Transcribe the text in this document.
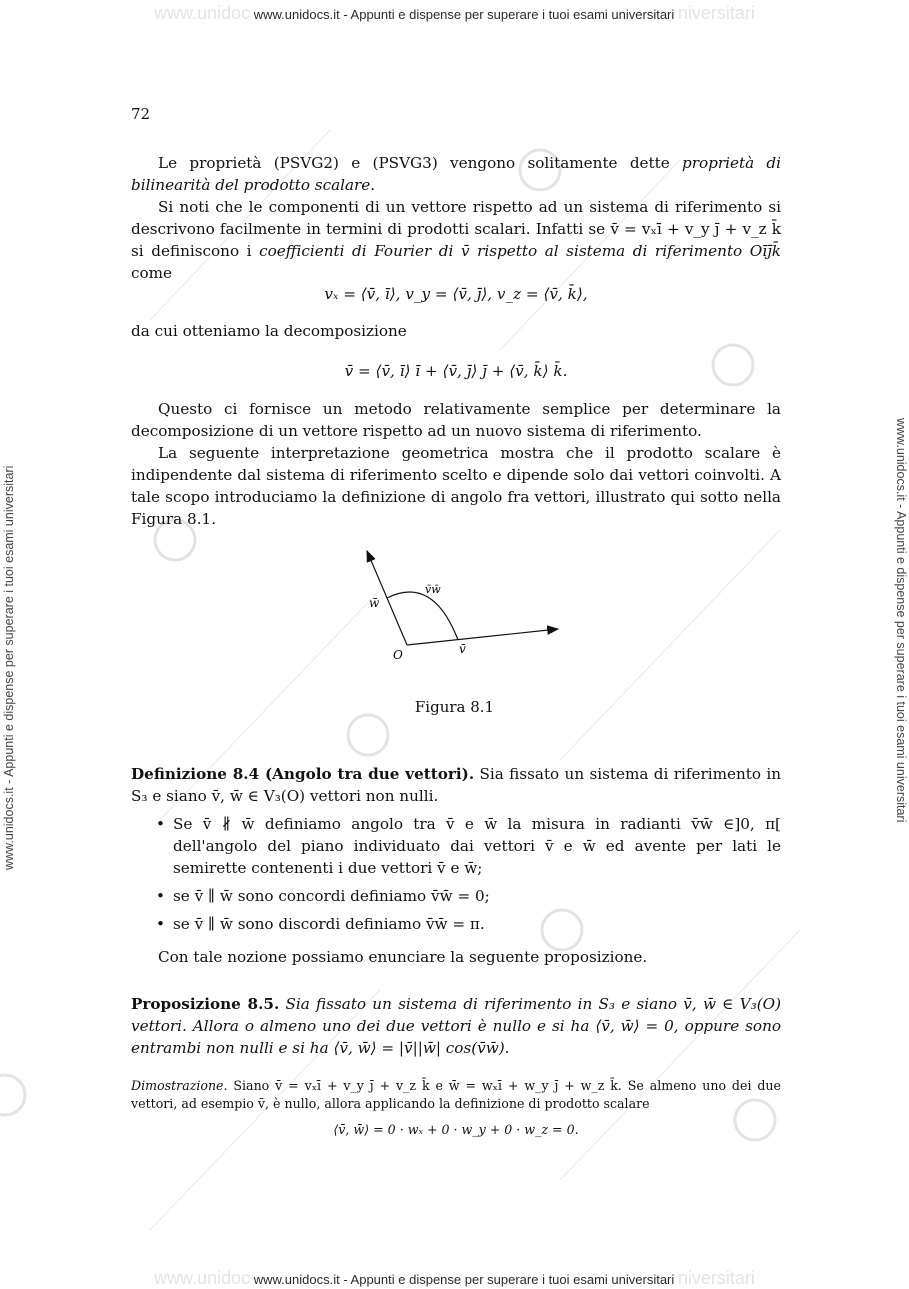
www.unidoc www.unidocs.it - Appunti e dispense per superare i tuoi esami universitari niversitari
www.unidoc www.unidocs.it - Appunti e dispense per superare i tuoi esami universitari niversitari
www.unidocs.it - Appunti e dispense per superare i tuoi esami universitari	www.unidocs.it - Appunti e dispense per superare i tuoi esami universitari
72

Le proprietà (PSVG2) e (PSVG3) vengono solitamente dette proprietà di bilinearità del prodotto scalare.

Si noti che le componenti di un vettore rispetto ad un sistema di riferimento si descrivono facilmente in termini di prodotti scalari. Infatti se v̄ = vₓī + v_y j̄ + v_z k̄ si definiscono i coefficienti di Fourier di v̄ rispetto al sistema di riferimento Oīj̄k̄ come

vₓ = ⟨v̄, ī⟩, v_y = ⟨v̄, j̄⟩, v_z = ⟨v̄, k̄⟩,

da cui otteniamo la decomposizione

v̄ = ⟨v̄, ī⟩ ī + ⟨v̄, j̄⟩ j̄ + ⟨v̄, k̄⟩ k̄.

Questo ci fornisce un metodo relativamente semplice per determinare la decomposizione di un vettore rispetto ad un nuovo sistema di riferimento.

La seguente interpretazione geometrica mostra che il prodotto scalare è indipendente dal sistema di riferimento scelto e dipende solo dai vettori coinvolti. A tale scopo introduciamo la definizione di angolo fra vettori, illustrato qui sotto nella Figura 8.1.

Definizione 8.4 (Angolo tra due vettori). Sia fissato un sistema di riferimento in S₃ e siano v̄, w̄ ∈ V₃(O) vettori non nulli.

• Se v̄ ∦ w̄ definiamo angolo tra v̄ e w̄ la misura in radianti v̄w̄ ∈]0, π[ dell'angolo del piano individuato dai vettori v̄ e w̄ ed avente per lati le semirette contenenti i due vettori v̄ e w̄;
• se v̄ ∥ w̄ sono concordi definiamo v̄w̄ = 0;
• se v̄ ∥ w̄ sono discordi definiamo v̄w̄ = π.

Con tale nozione possiamo enunciare la seguente proposizione.

Proposizione 8.5. Sia fissato un sistema di riferimento in S₃ e siano v̄, w̄ ∈ V₃(O) vettori. Allora o almeno uno dei due vettori è nullo e si ha ⟨v̄, w̄⟩ = 0, oppure sono entrambi non nulli e si ha ⟨v̄, w̄⟩ = |v̄||w̄| cos(v̄w̄).

Dimostrazione. Siano v̄ = vₓī + v_y j̄ + v_z k̄ e w̄ = wₓī + w_y j̄ + w_z k̄. Se almeno uno dei due vettori, ad esempio v̄, è nullo, allora applicando la definizione di prodotto scalare

⟨v̄, w̄⟩ = 0 · wₓ + 0 · w_y + 0 · w_z = 0.

w̄
v̄w̄
O	v̄
Figura 8.1
